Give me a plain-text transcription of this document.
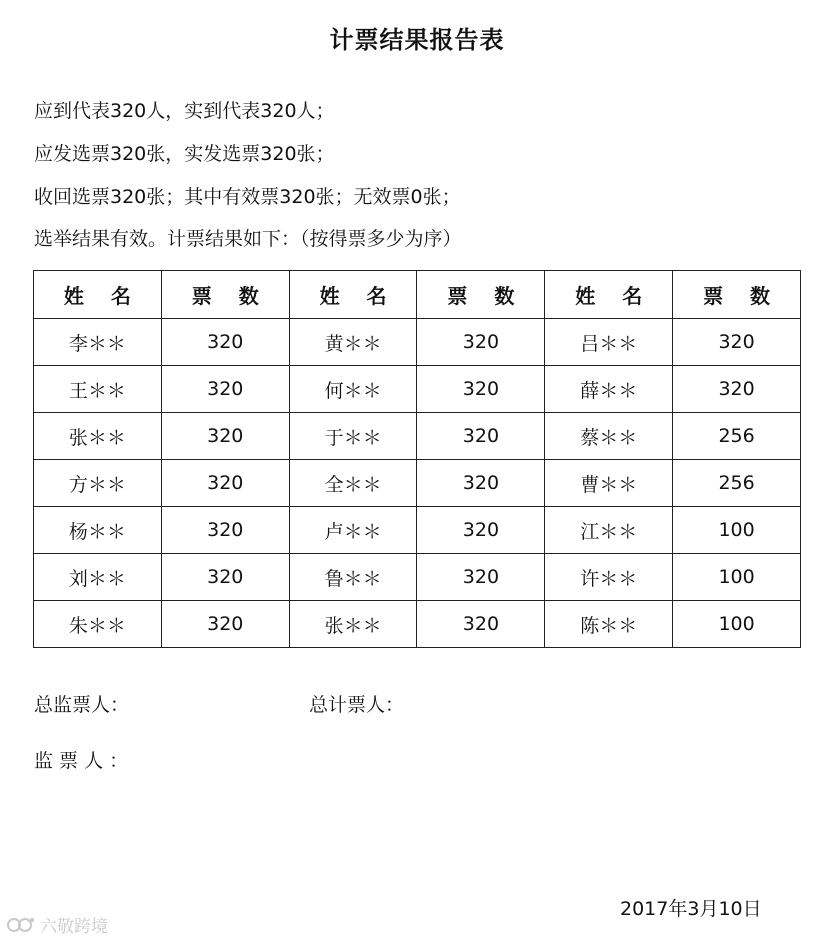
计票结果报告表
应到代表320人，实到代表320人；
应发选票320张，实发选票320张；
收回选票320张；其中有效票320张；无效票0张；
选举结果有效。计票结果如下：（按得票多少为序）
姓 名	票 数	姓 名	票 数	姓 名	票 数
李＊＊	320	黄＊＊	320	吕＊＊	320
王＊＊	320	何＊＊	320	薛＊＊	320
张＊＊	320	于＊＊	320	蔡＊＊	256
方＊＊	320	全＊＊	320	曹＊＊	256
杨＊＊	320	卢＊＊	320	江＊＊	100
刘＊＊	320	鲁＊＊	320	许＊＊	100
朱＊＊	320	张＊＊	320	陈＊＊	100
总监票人：	总计票人：
监 票 人 ：
2017年3月10日
六敬跨境
